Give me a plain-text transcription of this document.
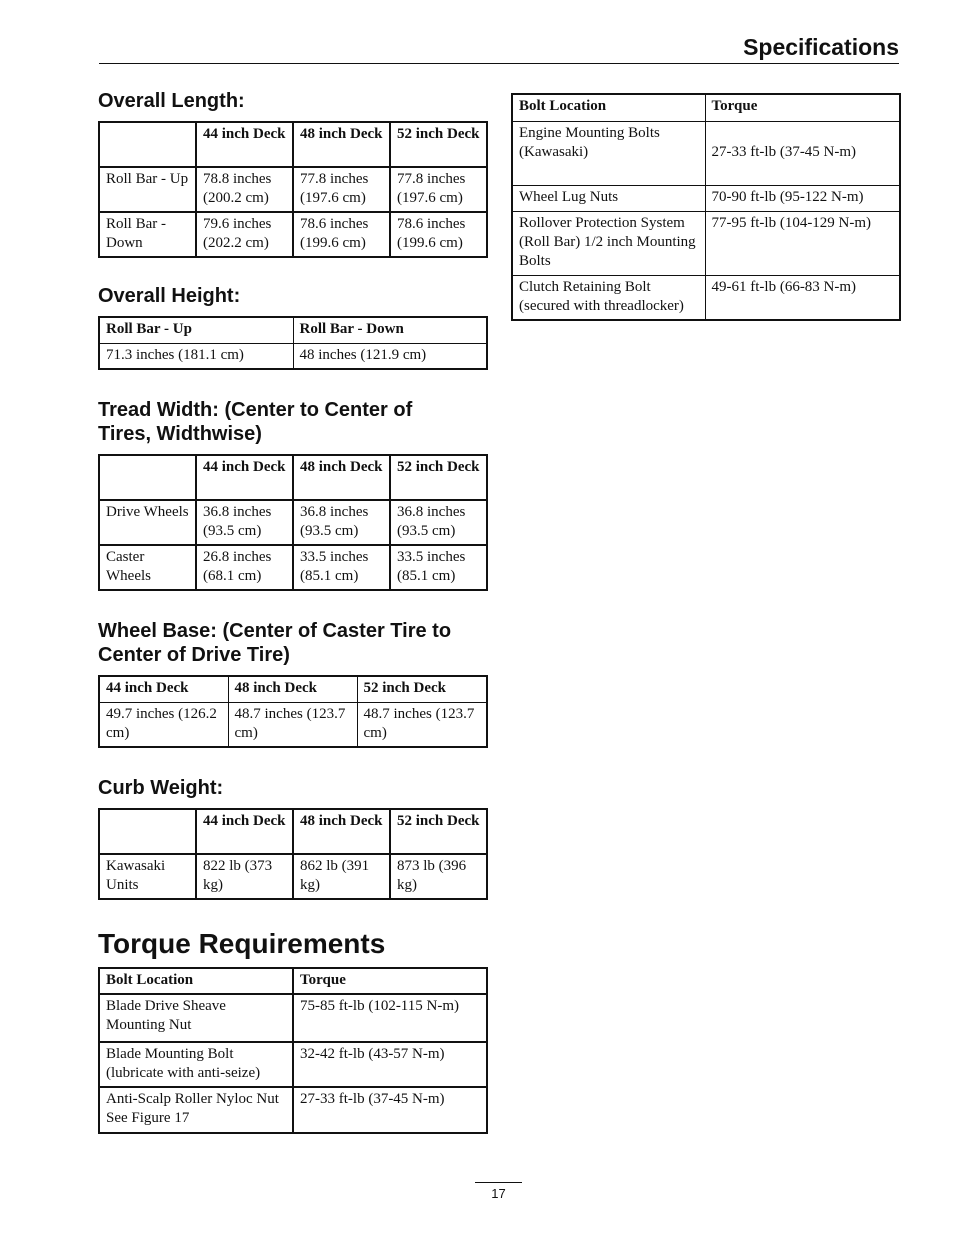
Specifications
Overall Length:
	44 inch Deck	48 inch Deck	52 inch Deck
Roll Bar - Up	78.8 inches (200.2 cm)	77.8 inches (197.6 cm)	77.8 inches (197.6 cm)
Roll Bar - Down	79.6 inches (202.2 cm)	78.6 inches (199.6 cm)	78.6 inches (199.6 cm)
Overall Height:
Roll Bar - Up	Roll Bar - Down
71.3 inches (181.1 cm)	48 inches (121.9 cm)
Tread Width: (Center to Center of
Tires, Widthwise)
	44 inch Deck	48 inch Deck	52 inch Deck
Drive Wheels	36.8 inches (93.5 cm)	36.8 inches (93.5 cm)	36.8 inches (93.5 cm)
Caster Wheels	26.8 inches (68.1 cm)	33.5 inches (85.1 cm)	33.5 inches (85.1 cm)
Wheel Base: (Center of Caster Tire to
Center of Drive Tire)
44 inch Deck	48 inch Deck	52 inch Deck
49.7 inches (126.2 cm)	48.7 inches (123.7 cm)	48.7 inches (123.7 cm)
Curb Weight:
	44 inch Deck	48 inch Deck	52 inch Deck
Kawasaki Units	822 lb (373 kg)	862 lb (391 kg)	873 lb (396 kg)
Torque Requirements
Bolt Location	Torque
Blade Drive Sheave Mounting Nut	75-85 ft-lb (102-115 N-m)
Blade Mounting Bolt (lubricate with anti-seize)	32-42 ft-lb (43-57 N-m)
Anti-Scalp Roller Nyloc Nut See Figure 17	27-33 ft-lb (37-45 N-m)
Bolt Location	Torque
Engine Mounting Bolts (Kawasaki)	27-33 ft-lb (37-45 N-m)
Wheel Lug Nuts	70-90 ft-lb (95-122 N-m)
Rollover Protection System (Roll Bar) 1/2 inch Mounting Bolts	77-95 ft-lb (104-129 N-m)
Clutch Retaining Bolt (secured with threadlocker)	49-61 ft-lb (66-83 N-m)
17
